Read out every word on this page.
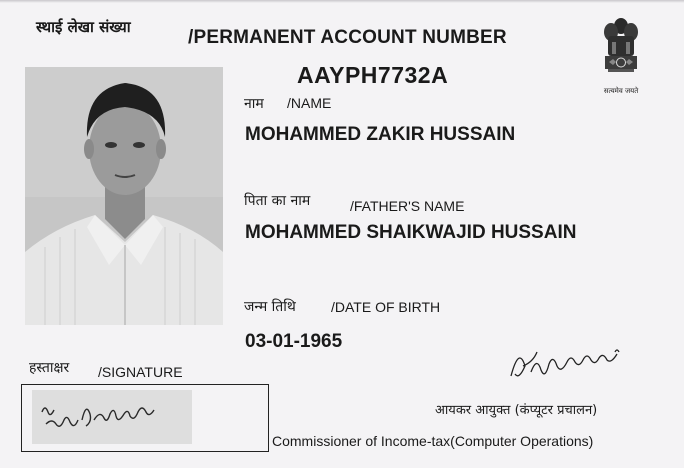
स्थाई लेखा संख्या	/PERMANENT ACCOUNT NUMBER
AAYPH7732A
सत्यमेव जयते
नाम /NAME
MOHAMMED ZAKIR HUSSAIN
पिता का नाम	/FATHER'S NAME
MOHAMMED SHAIKWAJID HUSSAIN
जन्म तिथि	/DATE OF BIRTH
03-01-1965
हस्ताक्षर /SIGNATURE
आयकर आयुक्त (कंप्यूटर प्रचालन)
Commissioner of Income-tax(Computer Operations)
